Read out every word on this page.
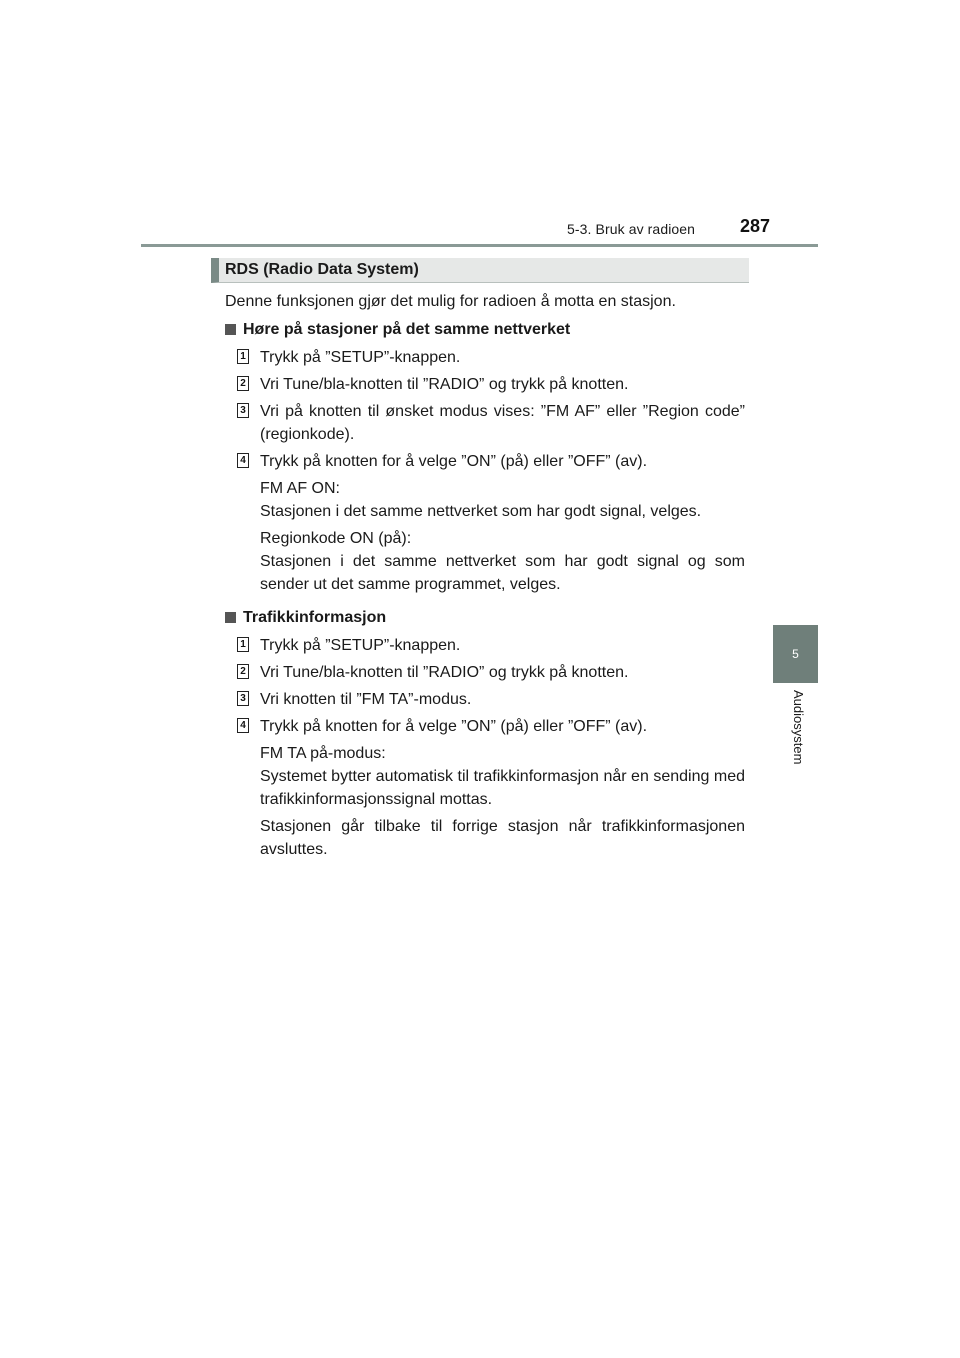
5-3. Bruk av radioen 287
5
Audiosystem
RDS (Radio Data System)

Denne funksjonen gjør det mulig for radioen å motta en stasjon.

Høre på stasjoner på det samme nettverket

1 Trykk på ”SETUP”-knappen.
2 Vri Tune/bla-knotten til ”RADIO” og trykk på knotten.
3 Vri på knotten til ønsket modus vises: ”FM AF” eller ”Region code” (regionkode).
4 Trykk på knotten for å velge ”ON” (på) eller ”OFF” (av).
FM AF ON:
Stasjonen i det samme nettverket som har godt signal, velges.
Regionkode ON (på):
Stasjonen i det samme nettverket som har godt signal og som sender ut det samme programmet, velges.

Trafikkinformasjon

1 Trykk på ”SETUP”-knappen.
2 Vri Tune/bla-knotten til ”RADIO” og trykk på knotten.
3 Vri knotten til ”FM TA”-modus.
4 Trykk på knotten for å velge ”ON” (på) eller ”OFF” (av).
FM TA på-modus:
Systemet bytter automatisk til trafikkinformasjon når en sending med trafikkinformasjonssignal mottas.
Stasjonen går tilbake til forrige stasjon når trafikkinformasjonen avsluttes.
